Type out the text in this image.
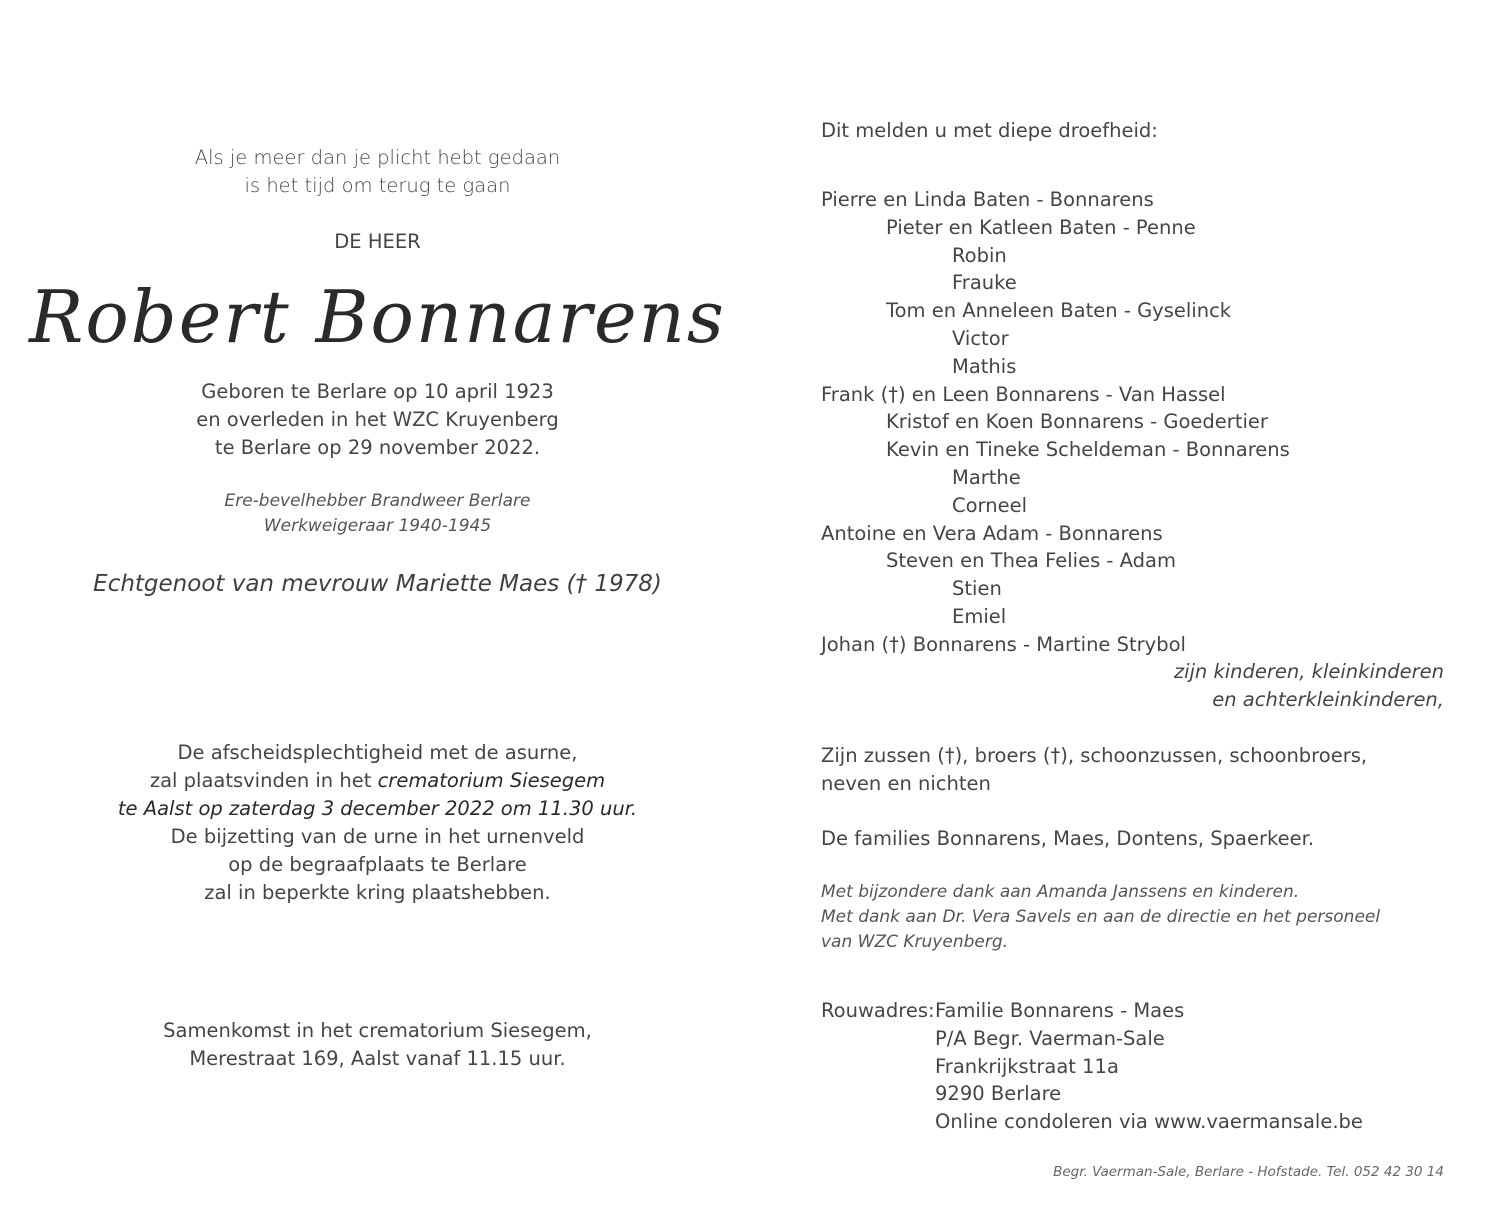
Als je meer dan je plicht hebt gedaan
is het tijd om terug te gaan
DE HEER
Robert Bonnarens
Geboren te Berlare op 10 april 1923
en overleden in het WZC Kruyenberg
te Berlare op 29 november 2022.
Ere-bevelhebber Brandweer Berlare
Werkweigeraar 1940-1945
Echtgenoot van mevrouw Mariette Maes († 1978)
De afscheidsplechtigheid met de asurne,
zal plaatsvinden in het crematorium Siesegem
te Aalst op zaterdag 3 december 2022 om 11.30 uur.
De bijzetting van de urne in het urnenveld
op de begraafplaats te Berlare
zal in beperkte kring plaatshebben.
Samenkomst in het crematorium Siesegem,
Merestraat 169, Aalst vanaf 11.15 uur.
Dit melden u met diepe droefheid:
Pierre en Linda Baten - Bonnarens
Pieter en Katleen Baten - Penne
Robin
Frauke
Tom en Anneleen Baten - Gyselinck
Victor
Mathis
Frank (†) en Leen Bonnarens - Van Hassel
Kristof en Koen Bonnarens - Goedertier
Kevin en Tineke Scheldeman - Bonnarens
Marthe
Corneel
Antoine en Vera Adam - Bonnarens
Steven en Thea Felies - Adam
Stien
Emiel
Johan (†) Bonnarens - Martine Strybol
zijn kinderen, kleinkinderen
en achterkleinkinderen,
Zijn zussen (†), broers (†), schoonzussen, schoonbroers,
neven en nichten
De families Bonnarens, Maes, Dontens, Spaerkeer.
Met bijzondere dank aan Amanda Janssens en kinderen.
Met dank aan Dr. Vera Savels en aan de directie en het personeel
van WZC Kruyenberg.
Rouwadres:Familie Bonnarens - Maes
P/A Begr. Vaerman-Sale
Frankrijkstraat 11a
9290 Berlare
Online condoleren via www.vaermansale.be
Begr. Vaerman-Sale, Berlare - Hofstade. Tel. 052 42 30 14
